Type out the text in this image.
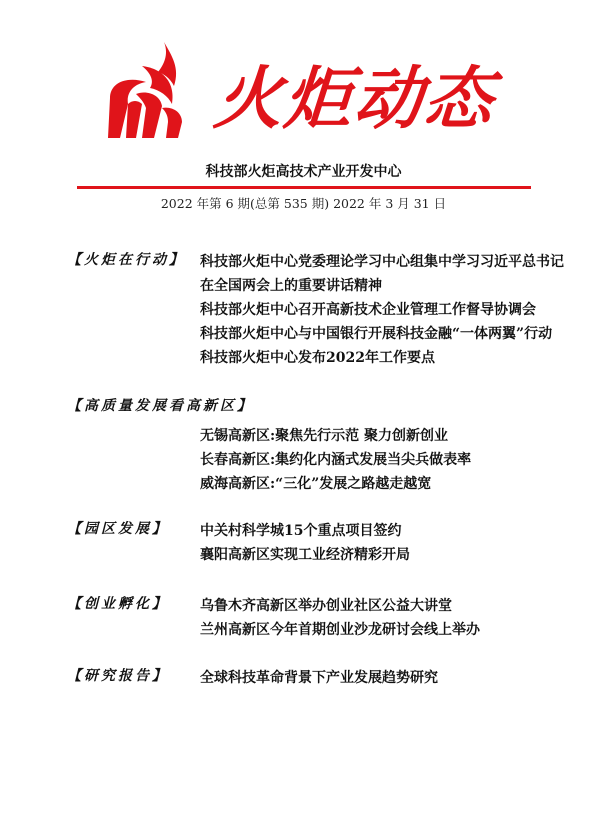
火炬动态
科技部火炬高技术产业开发中心
2022 年第 6 期(总第 535 期) 2022 年 3 月 31 日
【火炬在行动】 科技部火炬中心党委理论学习中心组集中学习习近平总书记
在全国两会上的重要讲话精神
科技部火炬中心召开高新技术企业管理工作督导协调会
科技部火炬中心与中国银行开展科技金融“一体两翼”行动
科技部火炬中心发布2022年工作要点
【高质量发展看高新区】
无锡高新区:聚焦先行示范 聚力创新创业
长春高新区:集约化内涵式发展当尖兵做表率
威海高新区:“三化”发展之路越走越宽
【园区发展】 中关村科学城15个重点项目签约
襄阳高新区实现工业经济精彩开局
【创业孵化】 乌鲁木齐高新区举办创业社区公益大讲堂
兰州高新区今年首期创业沙龙研讨会线上举办
【研究报告】 全球科技革命背景下产业发展趋势研究
